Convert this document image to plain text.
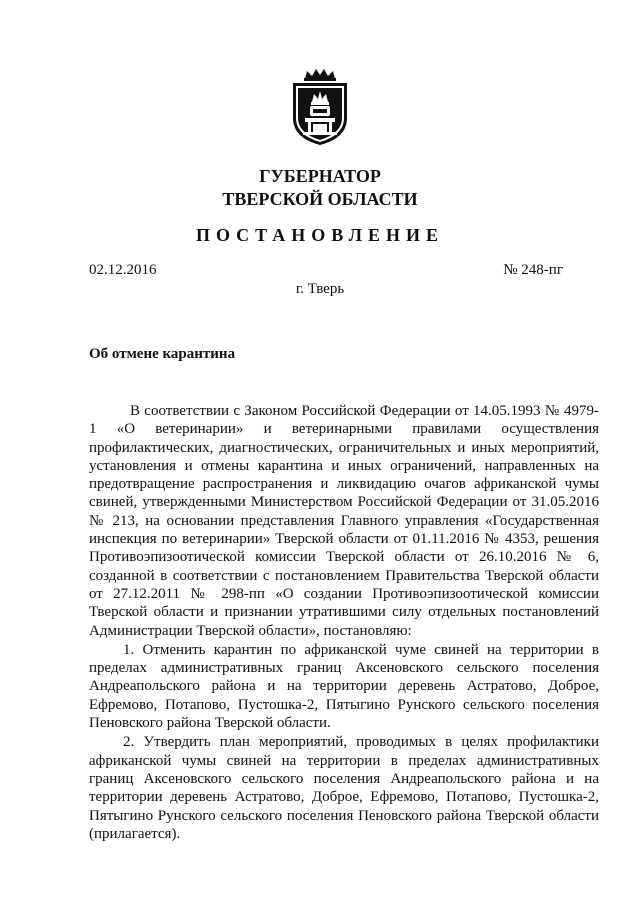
ГУБЕРНАТОР
ТВЕРСКОЙ ОБЛАСТИ
ПОСТАНОВЛЕНИЕ
02.12.2016	№ 248-пг
г. Тверь
Об отмене карантина

В соответствии с Законом Российской Федерации от 14.05.1993 № 4979-1 «О ветеринарии» и ветеринарными правилами осуществления профилактических, диагностических, ограничительных и иных мероприятий, установления и отмены карантина и иных ограничений, направленных на предотвращение распространения и ликвидацию очагов африканской чумы свиней, утвержденными Министерством Российской Федерации от 31.05.2016 № 213, на основании представления Главного управления «Государственная инспекция по ветеринарии» Тверской области от 01.11.2016 № 4353, решения Противоэпизоотической комиссии Тверской области от 26.10.2016 № 6, созданной в соответствии с постановлением Правительства Тверской области от 27.12.2011 № 298-пп «О создании Противоэпизоотической комиссии Тверской области и признании утратившими силу отдельных постановлений Администрации Тверской области», постановляю:

1. Отменить карантин по африканской чуме свиней на территории в пределах административных границ Аксеновского сельского поселения Андреапольского района и на территории деревень Астратово, Доброе, Ефремово, Потапово, Пустошка-2, Пятыгино Рунского сельского поселения Пеновского района Тверской области.

2. Утвердить план мероприятий, проводимых в целях профилактики африканской чумы свиней на территории в пределах административных границ Аксеновского сельского поселения Андреапольского района и на территории деревень Астратово, Доброе, Ефремово, Потапово, Пустошка-2, Пятыгино Рунского сельского поселения Пеновского района Тверской области (прилагается).
